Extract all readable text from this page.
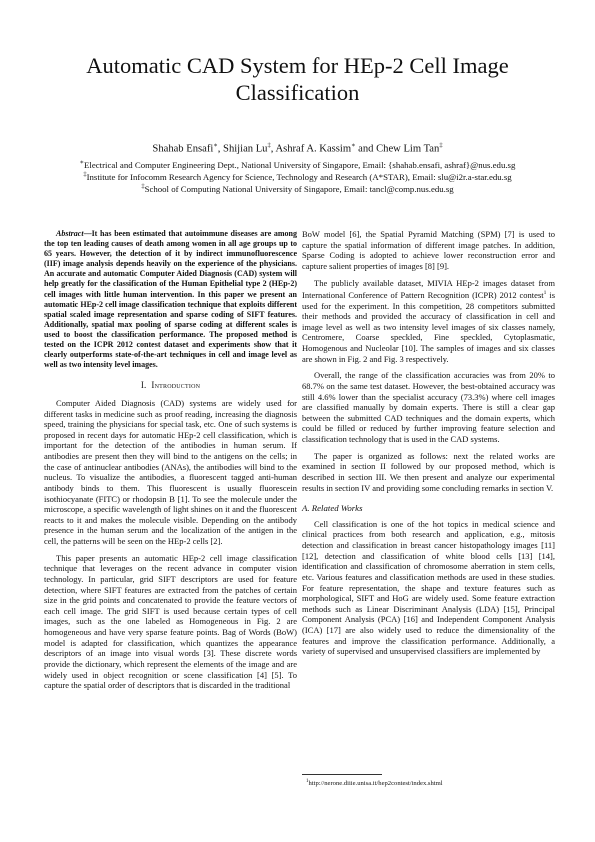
Automatic CAD System for HEp-2 Cell Image Classification
Shahab Ensafi∗, Shijian Lu‡, Ashraf A. Kassim∗ and Chew Lim Tan‡
∗Electrical and Computer Engineering Dept., National University of Singapore, Email: {shahab.ensafi, ashraf}@nus.edu.sg
‡Institute for Infocomm Research Agency for Science, Technology and Research (A*STAR), Email: slu@i2r.a-star.edu.sg
‡School of Computing National University of Singapore, Email: tancl@comp.nus.edu.sg

Abstract—It has been estimated that autoimmune diseases are among the top ten leading causes of death among women in all age groups up to 65 years. However, the detection of it by indirect immunofluorescence (IIF) image analysis depends heavily on the experience of the physicians. An accurate and automatic Computer Aided Diagnosis (CAD) system will help greatly for the classification of the Human Epithelial type 2 (HEp-2) cell images with little human intervention. In this paper we present an automatic HEp-2 cell image classification technique that exploits different spatial scaled image representation and sparse coding of SIFT features. Additionally, spatial max pooling of sparse coding at different scales is used to boost the classification performance. The proposed method is tested on the ICPR 2012 contest dataset and experiments show that it clearly outperforms state-of-the-art techniques in cell and image level as well as two intensity level images.

I. Introduction

Computer Aided Diagnosis (CAD) systems are widely used for different tasks in medicine such as proof reading, increasing the diagnosis speed, training the physicians for special task, etc. One of such systems is proposed in recent days for automatic HEp-2 cell classification, which is important for the detection of the antibodies in human serum. If antibodies are present then they will bind to the antigens on the cells; in the case of antinuclear antibodies (ANAs), the antibodies will bind to the nucleus. To visualize the antibodies, a fluorescent tagged anti-human antibody binds to them. This fluorescent is usually fluorescein isothiocyanate (FITC) or rhodopsin B [1]. To see the molecule under the microscope, a specific wavelength of light shines on it and the fluorescent reacts to it and makes the molecule visible. Depending on the antibody presence in the human serum and the localization of the antigen in the cell, the patterns will be seen on the HEp-2 cells [2].

This paper presents an automatic HEp-2 cell image classification technique that leverages on the recent advance in computer vision technology. In particular, grid SIFT descriptors are used for feature detection, where SIFT features are extracted from the patches of certain size in the grid points and concatenated to provide the feature vectors of each cell image. The grid SIFT is used because certain types of cell images, such as the one labeled as Homogeneous in Fig. 2 are homogeneous and have very sparse feature points. Bag of Words (BoW) model is adapted for classification, which quantizes the appearance descriptors of an image into visual words [3]. These discrete words provide the dictionary, which represent the elements of the image and are widely used in object recognition or scene classification [4] [5]. To capture the spatial order of descriptors that is discarded in the traditional

BoW model [6], the Spatial Pyramid Matching (SPM) [7] is used to capture the spatial information of different image patches. In addition, Sparse Coding is adopted to achieve lower reconstruction error and capture salient properties of images [8] [9].

The publicly available dataset, MIVIA HEp-2 images dataset from International Conference of Pattern Recognition (ICPR) 2012 contest$^1$ is used for the experiment. In this competition, 28 competitors submitted their methods and provided the accuracy of classification in cell and image level as well as two intensity level images of six classes namely, Centromere, Coarse speckled, Fine speckled, Cytoplasmatic, Homogenous and Nucleolar [10]. The samples of images and six classes are shown in Fig. 2 and Fig. 3 respectively.

Overall, the range of the classification accuracies was from 20% to 68.7% on the same test dataset. However, the best-obtained accuracy was still 4.6% lower than the specialist accuracy (73.3%) where cell images are classified manually by domain experts. There is still a clear gap between the submitted CAD techniques and the domain experts, which could be filled or reduced by further improving feature selection and classification technology that is used in the CAD systems.

The paper is organized as follows: next the related works are examined in section II followed by our proposed method, which is described in section III. We then present and analyze our experimental results in section IV and providing some concluding remarks in section V.

A. Related Works

Cell classification is one of the hot topics in medical science and clinical practices from both research and application, e.g., mitosis detection and classification in breast cancer histopathology images [11] [12], detection and classification of white blood cells [13] [14], identification and classification of chromosome aberration in stem cells, etc. Various features and classification methods are used in these studies. For feature representation, the shape and texture features such as morphological, SIFT and HoG are widely used. Some feature extraction methods such as Linear Discriminant Analysis (LDA) [15], Principal Component Analysis (PCA) [16] and Independent Component Analysis (ICA) [17] are also widely used to reduce the dimensionality of the features and improve the classification performance. Additionally, a variety of supervised and unsupervised classifiers are implemented by

$^1$http://nerone.diiie.unisa.it/hep2contest/index.shtml
